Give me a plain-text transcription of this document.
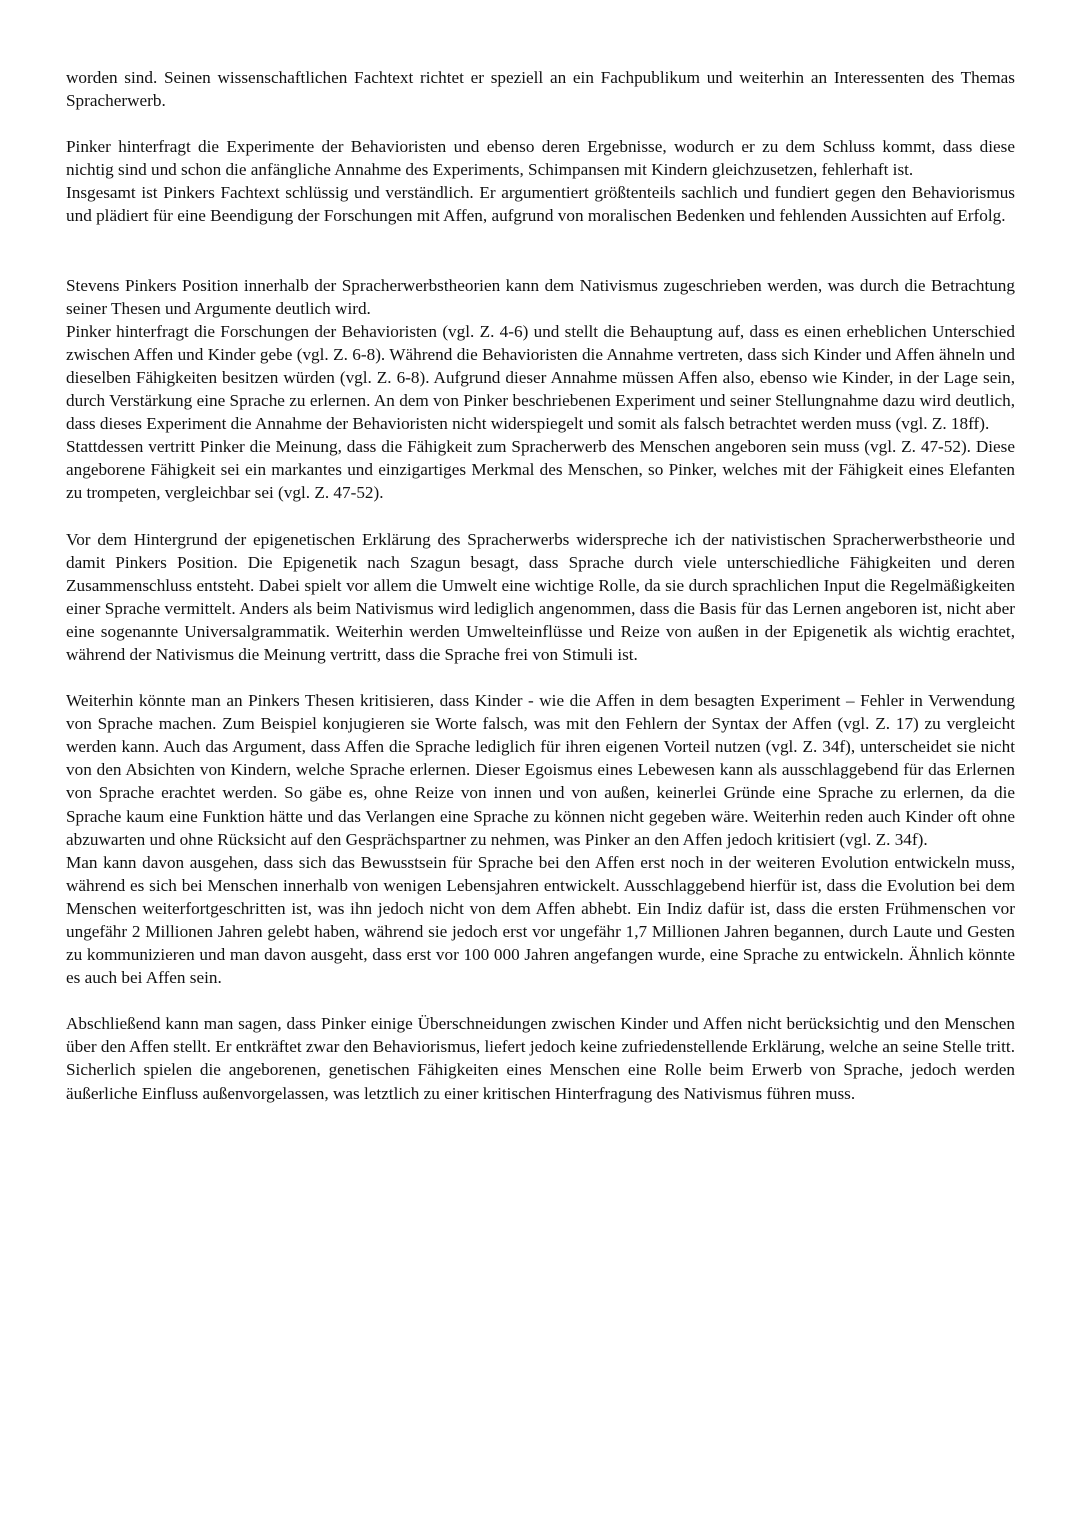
worden sind. Seinen wissenschaftlichen Fachtext richtet er speziell an ein Fachpublikum und weiterhin an Interessenten des Themas Spracherwerb.

Pinker hinterfragt die Experimente der Behavioristen und ebenso deren Ergebnisse, wodurch er zu dem Schluss kommt, dass diese nichtig sind und schon die anfängliche Annahme des Experiments, Schimpansen mit Kindern gleichzusetzen, fehlerhaft ist.

Insgesamt ist Pinkers Fachtext schlüssig und verständlich. Er argumentiert größtenteils sachlich und fundiert gegen den Behaviorismus und plädiert für eine Beendigung der Forschungen mit Affen, aufgrund von moralischen Bedenken und fehlenden Aussichten auf Erfolg.

Stevens Pinkers Position innerhalb der Spracherwerbstheorien kann dem Nativismus zugeschrieben werden, was durch die Betrachtung seiner Thesen und Argumente deutlich wird.

Pinker hinterfragt die Forschungen der Behavioristen (vgl. Z. 4-6) und stellt die Behauptung auf, dass es einen erheblichen Unterschied zwischen Affen und Kinder gebe (vgl. Z. 6-8). Während die Behavioristen die Annahme vertreten, dass sich Kinder und Affen ähneln und dieselben Fähigkeiten besitzen würden (vgl. Z. 6-8). Aufgrund dieser Annahme müssen Affen also, ebenso wie Kinder, in der Lage sein, durch Verstärkung eine Sprache zu erlernen. An dem von Pinker beschriebenen Experiment und seiner Stellungnahme dazu wird deutlich, dass dieses Experiment die Annahme der Behavioristen nicht widerspiegelt und somit als falsch betrachtet werden muss (vgl. Z. 18ff).

Stattdessen vertritt Pinker die Meinung, dass die Fähigkeit zum Spracherwerb des Menschen angeboren sein muss (vgl. Z. 47-52). Diese angeborene Fähigkeit sei ein markantes und einzigartiges Merkmal des Menschen, so Pinker, welches mit der Fähigkeit eines Elefanten zu trompeten, vergleichbar sei (vgl. Z. 47-52).

Vor dem Hintergrund der epigenetischen Erklärung des Spracherwerbs widerspreche ich der nativistischen Spracherwerbstheorie und damit Pinkers Position. Die Epigenetik nach Szagun besagt, dass Sprache durch viele unterschiedliche Fähigkeiten und deren Zusammenschluss entsteht. Dabei spielt vor allem die Umwelt eine wichtige Rolle, da sie durch sprachlichen Input die Regelmäßigkeiten einer Sprache vermittelt. Anders als beim Nativismus wird lediglich angenommen, dass die Basis für das Lernen angeboren ist, nicht aber eine sogenannte Universalgrammatik. Weiterhin werden Umwelteinflüsse und Reize von außen in der Epigenetik als wichtig erachtet, während der Nativismus die Meinung vertritt, dass die Sprache frei von Stimuli ist.

Weiterhin könnte man an Pinkers Thesen kritisieren, dass Kinder - wie die Affen in dem besagten Experiment – Fehler in Verwendung von Sprache machen. Zum Beispiel konjugieren sie Worte falsch, was mit den Fehlern der Syntax der Affen (vgl. Z. 17) zu vergleicht werden kann. Auch das Argument, dass Affen die Sprache lediglich für ihren eigenen Vorteil nutzen (vgl. Z. 34f), unterscheidet sie nicht von den Absichten von Kindern, welche Sprache erlernen. Dieser Egoismus eines Lebewesen kann als ausschlaggebend für das Erlernen von Sprache erachtet werden. So gäbe es, ohne Reize von innen und von außen, keinerlei Gründe eine Sprache zu erlernen, da die Sprache kaum eine Funktion hätte und das Verlangen eine Sprache zu können nicht gegeben wäre. Weiterhin reden auch Kinder oft ohne abzuwarten und ohne Rücksicht auf den Gesprächspartner zu nehmen, was Pinker an den Affen jedoch kritisiert (vgl. Z. 34f).

Man kann davon ausgehen, dass sich das Bewusstsein für Sprache bei den Affen erst noch in der weiteren Evolution entwickeln muss, während es sich bei Menschen innerhalb von wenigen Lebensjahren entwickelt. Ausschlaggebend hierfür ist, dass die Evolution bei dem Menschen weiterfortgeschritten ist, was ihn jedoch nicht von dem Affen abhebt. Ein Indiz dafür ist, dass die ersten Frühmenschen vor ungefähr 2 Millionen Jahren gelebt haben, während sie jedoch erst vor ungefähr 1,7 Millionen Jahren begannen, durch Laute und Gesten zu kommunizieren und man davon ausgeht, dass erst vor 100 000 Jahren angefangen wurde, eine Sprache zu entwickeln. Ähnlich könnte es auch bei Affen sein.

Abschließend kann man sagen, dass Pinker einige Überschneidungen zwischen Kinder und Affen nicht berücksichtig und den Menschen über den Affen stellt. Er entkräftet zwar den Behaviorismus, liefert jedoch keine zufriedenstellende Erklärung, welche an seine Stelle tritt. Sicherlich spielen die angeborenen, genetischen Fähigkeiten eines Menschen eine Rolle beim Erwerb von Sprache, jedoch werden äußerliche Einfluss außenvorgelassen, was letztlich zu einer kritischen Hinterfragung des Nativismus führen muss.
